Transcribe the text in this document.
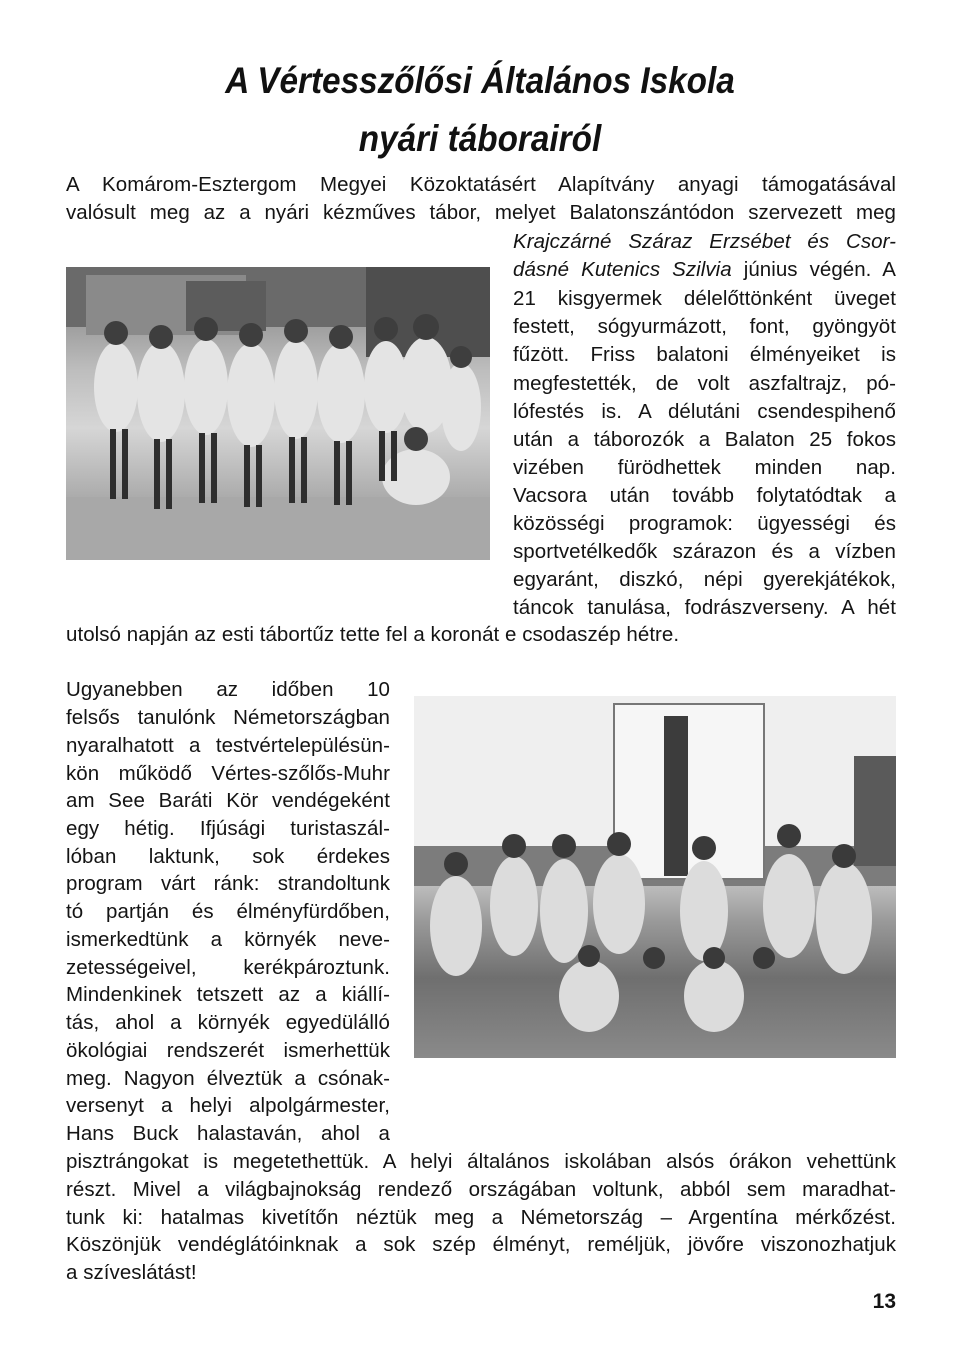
A Vértesszőlősi Általános Iskola
nyári táborairól
A Komárom-Esztergom Megyei Közoktatásért Alapítvány anyagi támogatásával
valósult meg az a nyári kézműves tábor, melyet Balatonszántódon szervezett meg
Krajczárné Száraz Erzsébet és Csor-
dásné Kutenics Szilvia június végén. A
21 kisgyermek délelőttönként üveget
festett, sógyurmázott, font, gyöngyöt
fűzött. Friss balatoni élményeiket is
megfestették, de volt aszfaltrajz, pó-
lófestés is. A délutáni csendespihenő
után a táborozók a Balaton 25 fokos
vizében fürödhettek minden nap.
Vacsora után tovább folytatódtak a
közösségi programok: ügyességi és
sportvetélkedők szárazon és a vízben
egyaránt, diszkó, népi gyerekjátékok,
táncok tanulása, fodrászverseny. A hét
utolsó napján az esti tábortűz tette fel a koronát e csodaszép hétre.
Ugyanebben az időben 10
felsős tanulónk Németországban
nyaralhatott a testvértelepülésün-
kön működő Vértes-szőlős-Muhr
am See Baráti Kör vendégeként
egy hétig. Ifjúsági turistaszál-
lóban laktunk, sok érdekes
program várt ránk: strandoltunk
tó partján és élményfürdőben,
ismerkedtünk a környék neve-
zetességeivel, kerékpároztunk.
Mindenkinek tetszett az a kiállí-
tás, ahol a környék egyedülálló
ökológiai rendszerét ismerhettük
meg. Nagyon élveztük a csónak-
versenyt a helyi alpolgármester,
Hans Buck halastaván, ahol a
pisztrángokat is megetethettük. A helyi általános iskolában alsós órákon vehettünk
részt. Mivel a világbajnokság rendező országában voltunk, abból sem maradhat-
tunk ki: hatalmas kivetítőn néztük meg a Németország – Argentína mérkőzést.
Köszönjük vendéglátóinknak a sok szép élményt, reméljük, jövőre viszonozhatjuk
a szíveslátást!
13
